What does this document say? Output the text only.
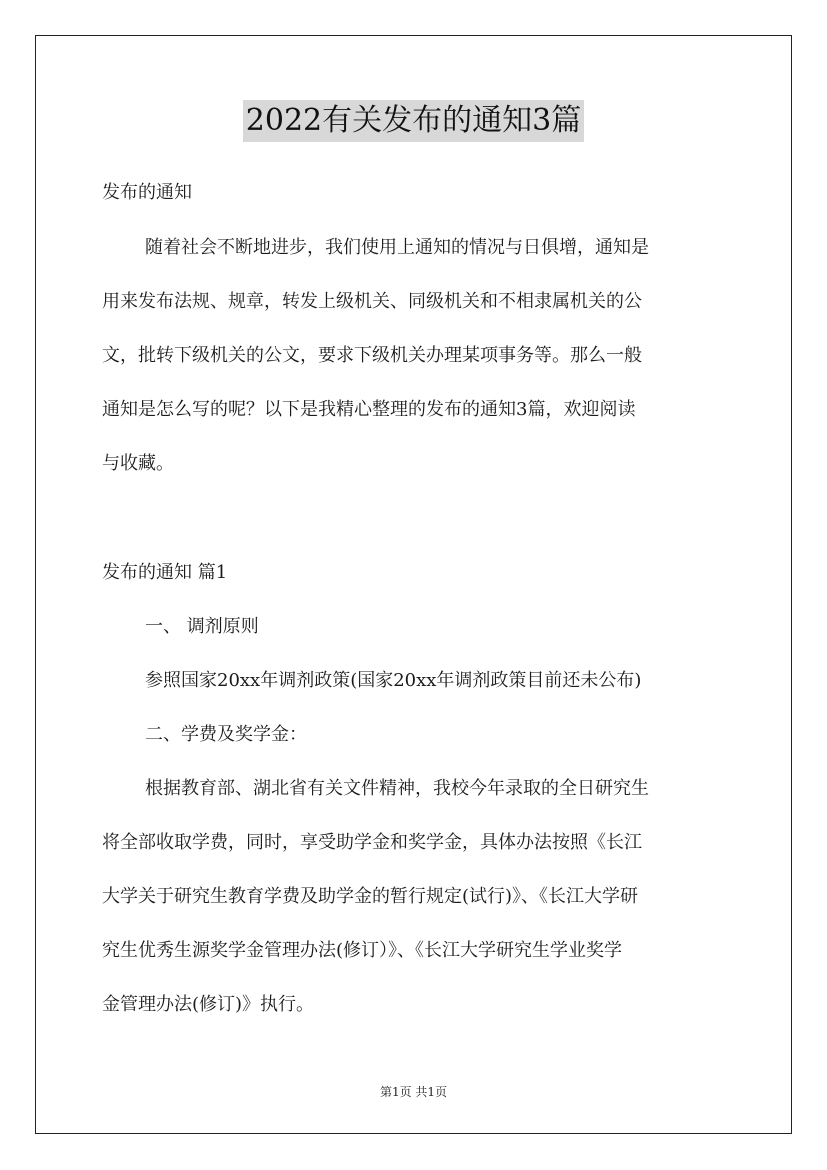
2022有关发布的通知3篇
发布的通知
随着社会不断地进步，我们使用上通知的情况与日俱增，通知是
用来发布法规、规章，转发上级机关、同级机关和不相隶属机关的公
文，批转下级机关的公文，要求下级机关办理某项事务等。那么一般
通知是怎么写的呢？以下是我精心整理的发布的通知3篇，欢迎阅读
与收藏。
发布的通知 篇1
一、 调剂原则
参照国家20xx年调剂政策(国家20xx年调剂政策目前还未公布)
二、学费及奖学金：
根据教育部、湖北省有关文件精神，我校今年录取的全日研究生
将全部收取学费，同时，享受助学金和奖学金，具体办法按照《长江
大学关于研究生教育学费及助学金的暂行规定(试行)》、《长江大学研
究生优秀生源奖学金管理办法(修订）》、《长江大学研究生学业奖学
金管理办法(修订)》执行。
第1页 共1页
